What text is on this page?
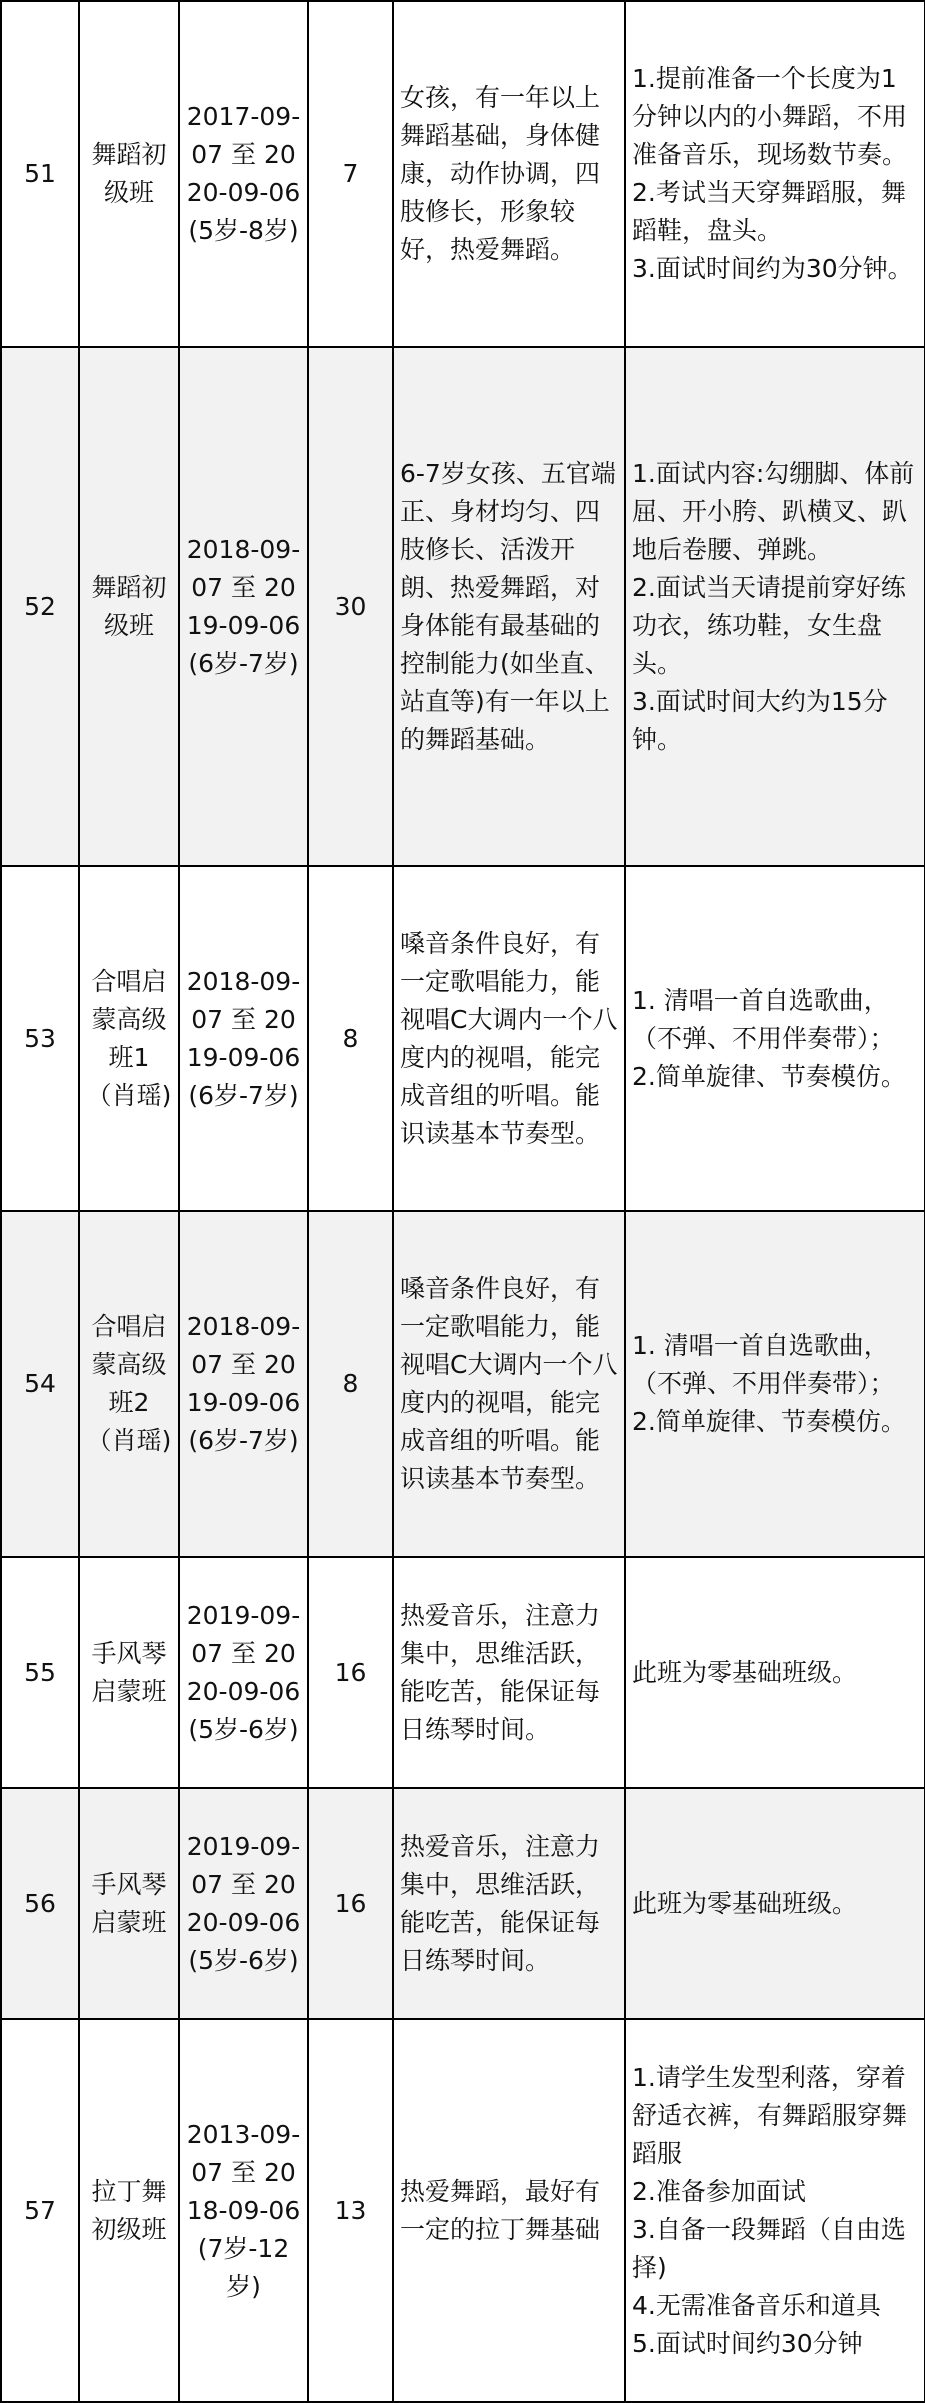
51	舞蹈初级班	2017-09-07 至 2020-09-06(5岁-8岁)	7	女孩，有一年以上舞蹈基础，身体健康，动作协调，四肢修长，形象较好，热爱舞蹈。	1.提前准备一个长度为1分钟以内的小舞蹈，不用准备音乐，现场数节奏。
2.考试当天穿舞蹈服，舞蹈鞋，盘头。
3.面试时间约为30分钟。
52	舞蹈初级班	2018-09-07 至 2019-09-06(6岁-7岁)	30	6-7岁女孩、五官端正、身材均匀、四肢修长、活泼开朗、热爱舞蹈，对身体能有最基础的控制能力(如坐直、站直等)有一年以上的舞蹈基础。	1.面试内容:勾绷脚、体前屈、开小胯、趴横叉、趴地后卷腰、弹跳。
2.面试当天请提前穿好练功衣，练功鞋，女生盘头。
3.面试时间大约为15分钟。
53	合唱启蒙高级班1（肖瑶)	2018-09-07 至 2019-09-06(6岁-7岁)	8	嗓音条件良好，有一定歌唱能力，能视唱C大调内一个八度内的视唱，能完成音组的听唱。能识读基本节奏型。	1. 清唱一首自选歌曲，（不弹、不用伴奏带）；
2.简单旋律、节奏模仿。
54	合唱启蒙高级班2（肖瑶)	2018-09-07 至 2019-09-06(6岁-7岁)	8	嗓音条件良好，有一定歌唱能力，能视唱C大调内一个八度内的视唱，能完成音组的听唱。能识读基本节奏型。	1. 清唱一首自选歌曲，（不弹、不用伴奏带）；
2.简单旋律、节奏模仿。
55	手风琴启蒙班	2019-09-07 至 2020-09-06(5岁-6岁)	16	热爱音乐，注意力集中，思维活跃，能吃苦，能保证每日练琴时间。	此班为零基础班级。
56	手风琴启蒙班	2019-09-07 至 2020-09-06(5岁-6岁)	16	热爱音乐，注意力集中，思维活跃，能吃苦，能保证每日练琴时间。	此班为零基础班级。
57	拉丁舞初级班	2013-09-07 至 2018-09-06(7岁-12岁)	13	热爱舞蹈，最好有一定的拉丁舞基础	1.请学生发型利落，穿着舒适衣裤，有舞蹈服穿舞蹈服
2.准备参加面试
3.自备一段舞蹈（自由选择)
4.无需准备音乐和道具
5.面试时间约30分钟
